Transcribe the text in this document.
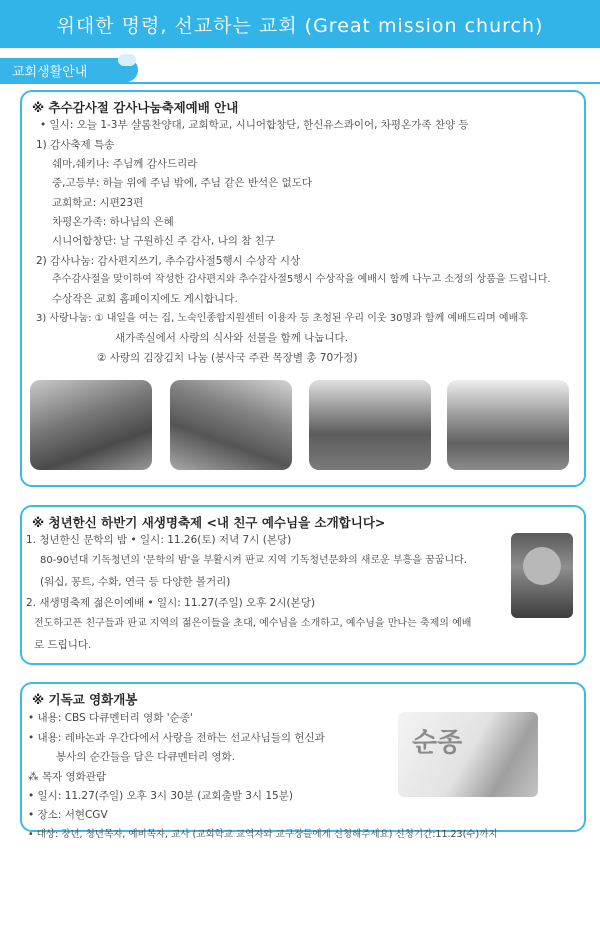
위대한 명령, 선교하는 교회 (Great mission church)
교회생활안내
※ 추수감사절 감사나눔축제예배 안내
• 일시: 오늘 1-3부 샬롬찬양대, 교회학교, 시니어합창단, 한신유스콰이어, 차평온가족 찬양 등
1) 감사축제 특송
쉐마,쉐키나: 주님께 감사드리라
중,고등부: 하늘 위에 주님 밖에, 주님 같은 반석은 없도다
교회학교: 시편23편
차평온가족: 하나님의 은혜
시니어합창단: 날 구원하신 주 감사, 나의 참 친구
2) 감사나눔: 감사편지쓰기, 추수감사절5행시 수상작 시상
추수감사절을 맞이하여 작성한 감사편지와 추수감사절5행시 수상작을 예배시 함께 나누고 소정의 상품을 드립니다.
수상작은 교회 홈페이지에도 게시합니다.
3) 사랑나눔: ① 내일을 여는 집, 노숙인종합지원센터 이용자 등 초청된 우리 이웃 30명과 함께 예배드리며 예배후
새가족실에서 사랑의 식사와 선물을 함께 나눕니다.
② 사랑의 김장김치 나눔 (봉사국 주관 목장별 총 70가정)
※ 청년한신 하반기 새생명축제 <내 친구 예수님을 소개합니다>
1. 청년한신 문학의 밤 • 일시: 11.26(토) 저녁 7시 (본당)
80-90년대 기독청년의 '문학의 밤'을 부활시켜 판교 지역 기독청년문화의 새로운 부흥을 꿈꿉니다.
(워십, 꽁트, 수화, 연극 등 다양한 볼거리)
2. 새생명축제 젊은이예배 • 일시: 11.27(주일) 오후 2시(본당)
전도하고픈 친구들과 판교 지역의 젊은이들을 초대, 예수님을 소개하고, 예수님을 만나는 축제의 예배
로 드립니다.
※ 기독교 영화개봉
• 내용: CBS 다큐멘터리 영화 '순종'
• 내용: 레바논과 우간다에서 사랑을 전하는 선교사님들의 헌신과
봉사의 순간들을 담은 다큐멘터리 영화.
⁂ 목자 영화관람
• 일시: 11.27(주일) 오후 3시 30분 (교회출발 3시 15분)
• 장소: 서현CGV
• 대상: 장년, 청년목자, 예비목자, 교사 (교회학교 교역자와 교구장들에게 신청해주세요) 신청기간:11.23(수)까지
순종
